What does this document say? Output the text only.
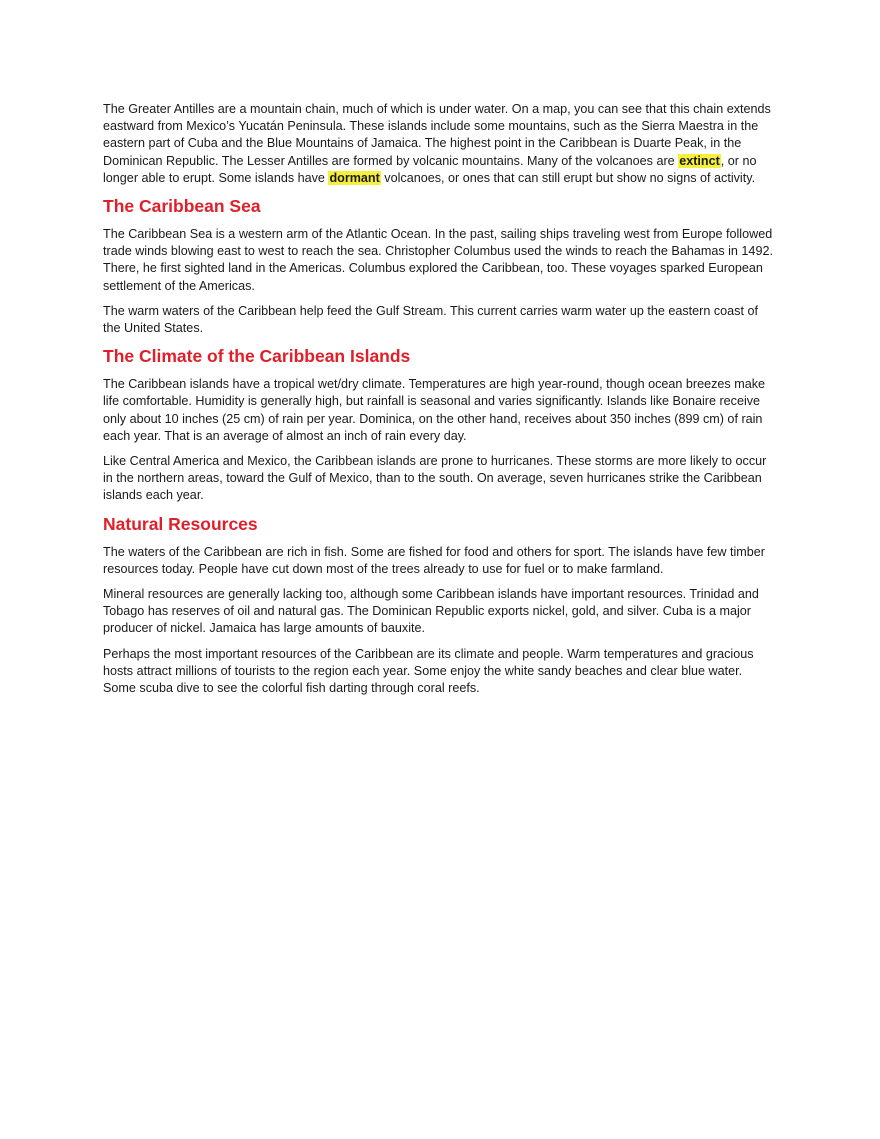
The Greater Antilles are a mountain chain, much of which is under water. On a map, you can see that this chain extends eastward from Mexico’s Yucatán Peninsula. These islands include some mountains, such as the Sierra Maestra in the eastern part of Cuba and the Blue Mountains of Jamaica. The highest point in the Caribbean is Duarte Peak, in the Dominican Republic. The Lesser Antilles are formed by volcanic mountains. Many of the volcanoes are extinct, or no longer able to erupt. Some islands have dormant volcanoes, or ones that can still erupt but show no signs of activity.

The Caribbean Sea

The Caribbean Sea is a western arm of the Atlantic Ocean. In the past, sailing ships traveling west from Europe followed trade winds blowing east to west to reach the sea. Christopher Columbus used the winds to reach the Bahamas in 1492. There, he first sighted land in the Americas. Columbus explored the Caribbean, too. These voyages sparked European settlement of the Americas.

The warm waters of the Caribbean help feed the Gulf Stream. This current carries warm water up the eastern coast of the United States.

The Climate of the Caribbean Islands

The Caribbean islands have a tropical wet/dry climate. Temperatures are high year-round, though ocean breezes make life comfortable. Humidity is generally high, but rainfall is seasonal and varies significantly. Islands like Bonaire receive only about 10 inches (25 cm) of rain per year. Dominica, on the other hand, receives about 350 inches (899 cm) of rain each year. That is an average of almost an inch of rain every day.

Like Central America and Mexico, the Caribbean islands are prone to hurricanes. These storms are more likely to occur in the northern areas, toward the Gulf of Mexico, than to the south. On average, seven hurricanes strike the Caribbean islands each year.

Natural Resources

The waters of the Caribbean are rich in fish. Some are fished for food and others for sport. The islands have few timber resources today. People have cut down most of the trees already to use for fuel or to make farmland.

Mineral resources are generally lacking too, although some Caribbean islands have important resources. Trinidad and Tobago has reserves of oil and natural gas. The Dominican Republic exports nickel, gold, and silver. Cuba is a major producer of nickel. Jamaica has large amounts of bauxite.

Perhaps the most important resources of the Caribbean are its climate and people. Warm temperatures and gracious hosts attract millions of tourists to the region each year. Some enjoy the white sandy beaches and clear blue water. Some scuba dive to see the colorful fish darting through coral reefs.
